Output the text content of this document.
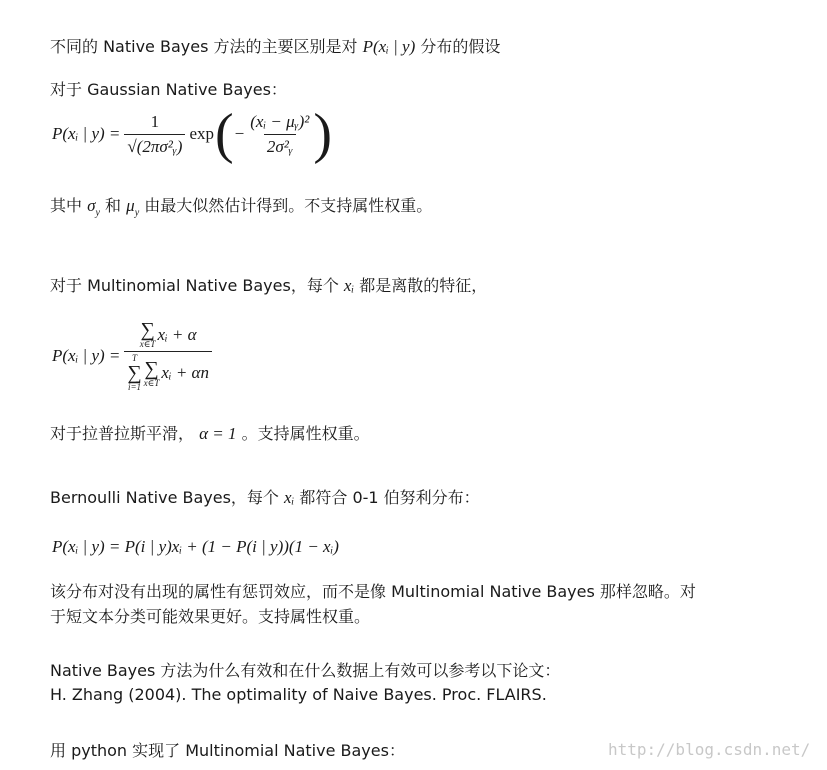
不同的 Native Bayes 方法的主要区别是对 P(xᵢ | y) 分布的假设
对于 Gaussian Native Bayes：
P(xᵢ | $y) = \frac{1}{\text{√(2πσ²ᵧ)}}$ exp ( − $\frac{\text{(xᵢ − μᵧ)²}}{\text{2σ²ᵧ}}$ )
其中 $\sigma_y$ 和 $\mu_y$ 由最大似然估计得到。不支持属性权重。
对于 Multinomial Native Bayes，每个 xᵢ 都是离散的特征，
P(xᵢ | y) = ∑
x∈T
xᵢ + α
T
∑
i=1
∑
x∈T
xᵢ + αn
对于拉普拉斯平滑， α = 1 。支持属性权重。
Bernoulli Native Bayes，每个 xᵢ 都符合 0-1 伯努利分布：
P(xᵢ | y) = P(i | y)xᵢ + (1 − P(i | y))(1 − xᵢ)
该分布对没有出现的属性有惩罚效应，而不是像 Multinomial Native Bayes 那样忽略。对
于短文本分类可能效果更好。支持属性权重。
Native Bayes 方法为什么有效和在什么数据上有效可以参考以下论文：
H. Zhang (2004). The optimality of Naive Bayes. Proc. FLAIRS.
用 python 实现了 Multinomial Native Bayes：	http://blog.csdn.net/
